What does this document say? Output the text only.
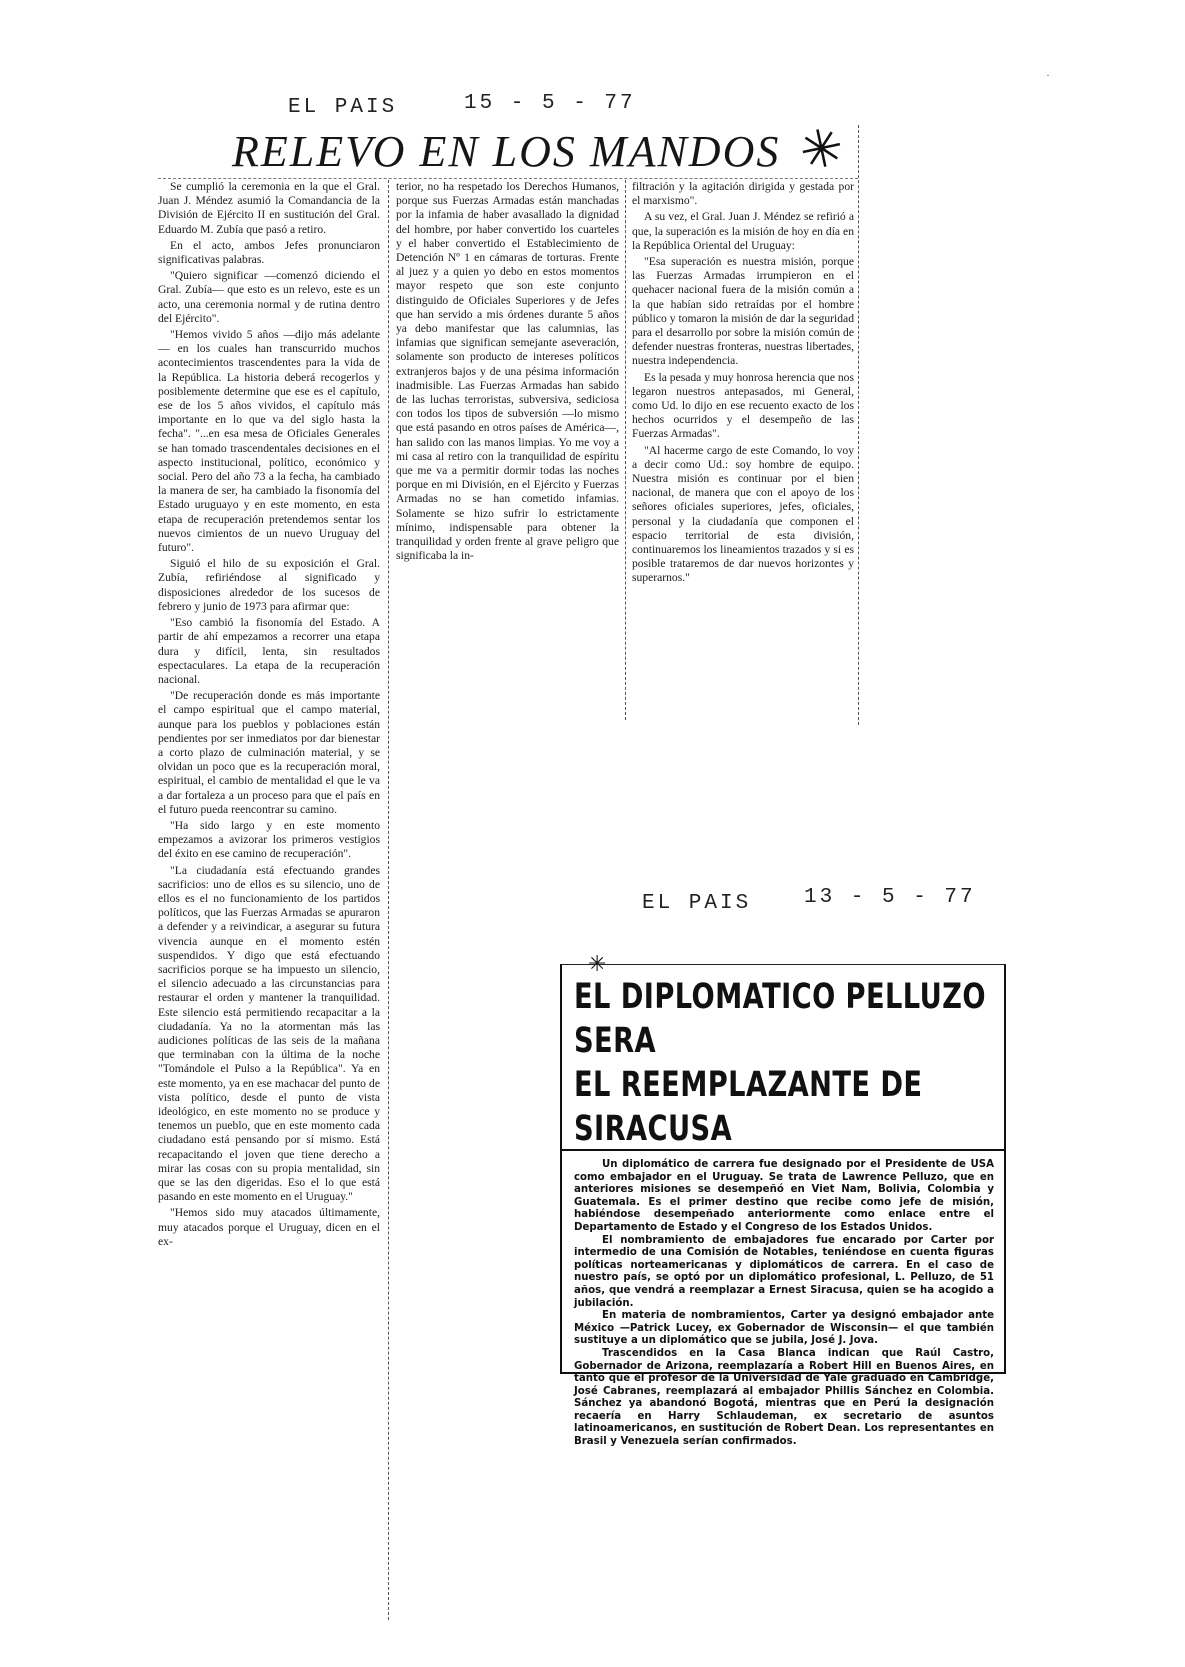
EL PAIS	15 - 5 - 77
RELEVO EN LOS MANDOS ✳

Se cumplió la ceremonia en la que el Gral. Juan J. Méndez asumió la Comandancia de la División de Ejército II en sustitución del Gral. Eduardo M. Zubía que pasó a retiro.

En el acto, ambos Jefes pronunciaron significativas palabras.

"Quiero significar —comenzó diciendo el Gral. Zubía— que esto es un relevo, este es un acto, una ceremonia normal y de rutina dentro del Ejército".

"Hemos vivido 5 años —dijo más adelante— en los cuales han transcurrido muchos acontecimientos trascendentes para la vida de la República. La historia deberá recogerlos y posiblemente determine que ese es el capítulo, ese de los 5 años vividos, el capítulo más importante en lo que va del siglo hasta la fecha". "...en esa mesa de Oficiales Generales se han tomado trascendentales decisiones en el aspecto institucional, político, económico y social. Pero del año 73 a la fecha, ha cambiado la manera de ser, ha cambiado la fisonomía del Estado uruguayo y en este momento, en esta etapa de recuperación pretendemos sentar los nuevos cimientos de un nuevo Uruguay del futuro".

Siguió el hilo de su exposición el Gral. Zubía, refiriéndose al significado y disposiciones alrededor de los sucesos de febrero y junio de 1973 para afirmar que:

"Eso cambió la fisonomía del Estado. A partir de ahí empezamos a recorrer una etapa dura y difícil, lenta, sin resultados espectaculares. La etapa de la recuperación nacional.

"De recuperación donde es más importante el campo espiritual que el campo material, aunque para los pueblos y poblaciones están pendientes por ser inmediatos por dar bienestar a corto plazo de culminación material, y se olvidan un poco que es la recuperación moral, espiritual, el cambio de mentalidad el que le va a dar fortaleza a un proceso para que el país en el futuro pueda reencontrar su camino.

"Ha sido largo y en este momento empezamos a avizorar los primeros vestigios del éxito en ese camino de recuperación".

"La ciudadanía está efectuando grandes sacrificios: uno de ellos es su silencio, uno de ellos es el no funcionamiento de los partidos políticos, que las Fuerzas Armadas se apuraron a defender y a reivindicar, a asegurar su futura vivencia aunque en el momento estén suspendidos. Y digo que está efectuando sacrificios porque se ha impuesto un silencio, el silencio adecuado a las circunstancias para restaurar el orden y mantener la tranquilidad. Este silencio está permitiendo recapacitar a la ciudadanía. Ya no la atormentan más las audiciones políticas de las seis de la mañana que terminaban con la última de la noche "Tomándole el Pulso a la República". Ya en este momento, ya en ese machacar del punto de vista político, desde el punto de vista ideológico, en este momento no se produce y tenemos un pueblo, que en este momento cada ciudadano está pensando por sí mismo. Está recapacitando el joven que tiene derecho a mirar las cosas con su propia mentalidad, sin que se las den digeridas. Eso el lo que está pasando en este momento en el Uruguay."

"Hemos sido muy atacados últimamente, muy atacados porque el Uruguay, dicen en el ex-

terior, no ha respetado los Derechos Humanos, porque sus Fuerzas Armadas están manchadas por la infamia de haber avasallado la dignidad del hombre, por haber convertido los cuarteles y el haber convertido el Establecimiento de Detención Nº 1 en cámaras de torturas. Frente al juez y a quien yo debo en estos momentos mayor respeto que son este conjunto distinguido de Oficiales Superiores y de Jefes que han servido a mis órdenes durante 5 años ya debo manifestar que las calumnias, las infamias que significan semejante aseveración, solamente son producto de intereses políticos extranjeros bajos y de una pésima información inadmisible. Las Fuerzas Armadas han sabido de las luchas terroristas, subversiva, sediciosa con todos los tipos de subversión —lo mismo que está pasando en otros países de América—, han salido con las manos limpias. Yo me voy a mi casa al retiro con la tranquilidad de espíritu que me va a permitir dormir todas las noches porque en mi División, en el Ejército y Fuerzas Armadas no se han cometido infamias. Solamente se hizo sufrir lo estrictamente mínimo, indispensable para obtener la tranquilidad y orden frente al grave peligro que significaba la in-

filtración y la agitación dirigida y gestada por el marxismo".

A su vez, el Gral. Juan J. Méndez se refirió a que, la superación es la misión de hoy en día en la República Oriental del Uruguay:

"Esa superación es nuestra misión, porque las Fuerzas Armadas irrumpieron en el quehacer nacional fuera de la misión común a la que habían sido retraídas por el hombre público y tomaron la misión de dar la seguridad para el desarrollo por sobre la misión común de defender nuestras fronteras, nuestras libertades, nuestra independencia.

Es la pesada y muy honrosa herencia que nos legaron nuestros antepasados, mi General, como Ud. lo dijo en ese recuento exacto de los hechos ocurridos y el desempeño de las Fuerzas Armadas".

"Al hacerme cargo de este Comando, lo voy a decir como Ud.: soy hombre de equipo. Nuestra misión es continuar por el bien nacional, de manera que con el apoyo de los señores oficiales superiores, jefes, oficiales, personal y la ciudadanía que componen el espacio territorial de esta división, continuaremos los lineamientos trazados y si es posible trataremos de dar nuevos horizontes y superarnos."

EL PAIS	13 - 5 - 77
✳
EL DIPLOMATICO PELLUZO SERA
EL REEMPLAZANTE DE SIRACUSA

Un diplomático de carrera fue designado por el Presidente de USA como embajador en el Uruguay. Se trata de Lawrence Pelluzo, que en anteriores misiones se desempeñó en Viet Nam, Bolivia, Colombia y Guatemala. Es el primer destino que recibe como jefe de misión, habiéndose desempeñado anteriormente como enlace entre el Departamento de Estado y el Congreso de los Estados Unidos.

El nombramiento de embajadores fue encarado por Carter por intermedio de una Comisión de Notables, teniéndose en cuenta figuras políticas norteamericanas y diplomáticos de carrera. En el caso de nuestro país, se optó por un diplomático profesional, L. Pelluzo, de 51 años, que vendrá a reemplazar a Ernest Siracusa, quien se ha acogido a jubilación.

En materia de nombramientos, Carter ya designó embajador ante México —Patrick Lucey, ex Gobernador de Wisconsin— el que también sustituye a un diplomático que se jubila, José J. Jova.

Trascendidos en la Casa Blanca indican que Raúl Castro, Gobernador de Arizona, reemplazaría a Robert Hill en Buenos Aires, en tanto que el profesor de la Universidad de Yale graduado en Cambridge, José Cabranes, reemplazará al embajador Phillis Sánchez en Colombia. Sánchez ya abandonó Bogotá, mientras que en Perú la designación recaería en Harry Schlaudeman, ex secretario de asuntos latinoamericanos, en sustitución de Robert Dean. Los representantes en Brasil y Venezuela serían confirmados.

·
